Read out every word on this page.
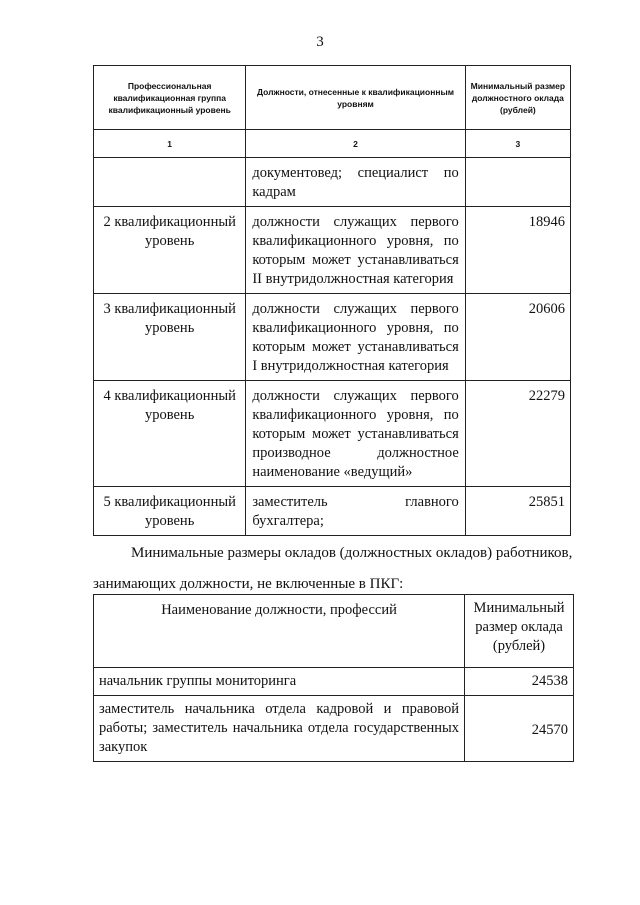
3
Профессиональная квалификационная группа квалификационный уровень	Должности, отнесенные к квалификационным уровням	Минимальный размер должностного оклада (рублей)
1	2	3
	документовед; специалист по кадрам	
2 квалификационный уровень	должности служащих первого квалификационного уровня, по которым может устанавливаться II внутридолжностная категория	18946
3 квалификационный уровень	должности служащих первого квалификационного уровня, по которым может устанавливаться I внутридолжностная категория	20606
4 квалификационный уровень	должности служащих первого квалификационного уровня, по которым может устанавливаться производное должностное наименование «ведущий»	22279
5 квалификационный уровень	заместитель главного бухгалтера;	25851
Минимальные размеры окладов (должностных окладов) работников,
занимающих должности, не включенные в ПКГ:
Наименование должности, профессий	Минимальный размер оклада (рублей)
начальник группы мониторинга	24538
заместитель начальника отдела кадровой и правовой работы; заместитель начальника отдела государственных закупок	24570
